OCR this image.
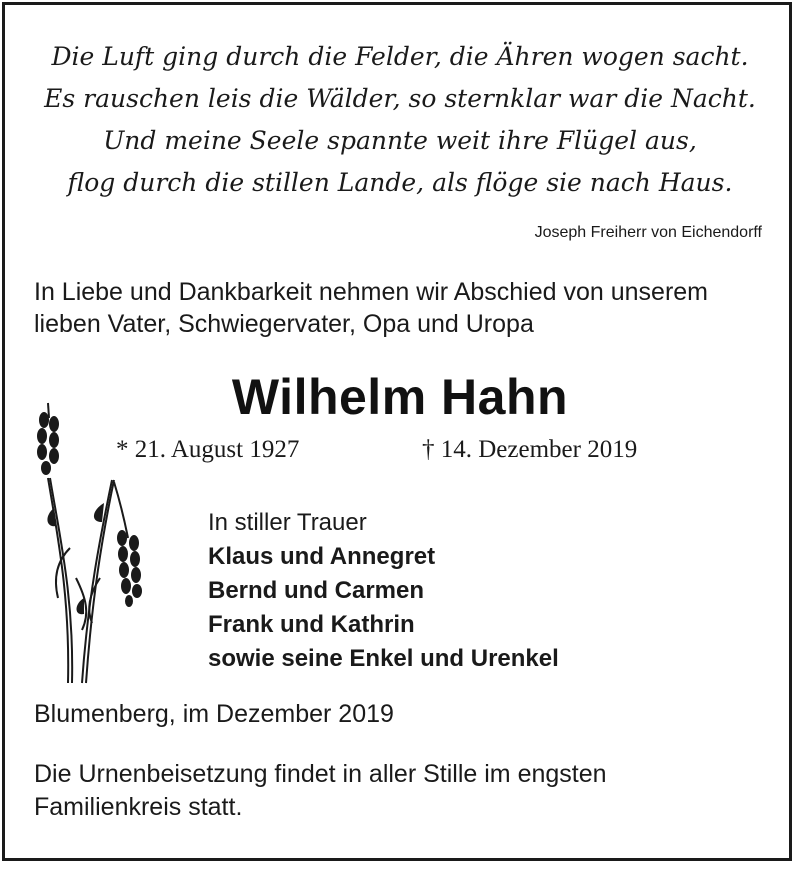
Die Luft ging durch die Felder, die Ähren wogen sacht.
Es rauschen leis die Wälder, so sternklar war die Nacht.
Und meine Seele spannte weit ihre Flügel aus,
flog durch die stillen Lande, als flöge sie nach Haus.
Joseph Freiherr von Eichendorff
In Liebe und Dankbarkeit nehmen wir Abschied von unserem
lieben Vater, Schwiegervater, Opa und Uropa
Wilhelm Hahn
* 21. August 1927	† 14. Dezember 2019
In stiller Trauer
Klaus und Annegret
Bernd und Carmen
Frank und Kathrin
sowie seine Enkel und Urenkel
Blumenberg, im Dezember 2019
Die Urnenbeisetzung findet in aller Stille im engsten
Familienkreis statt.
